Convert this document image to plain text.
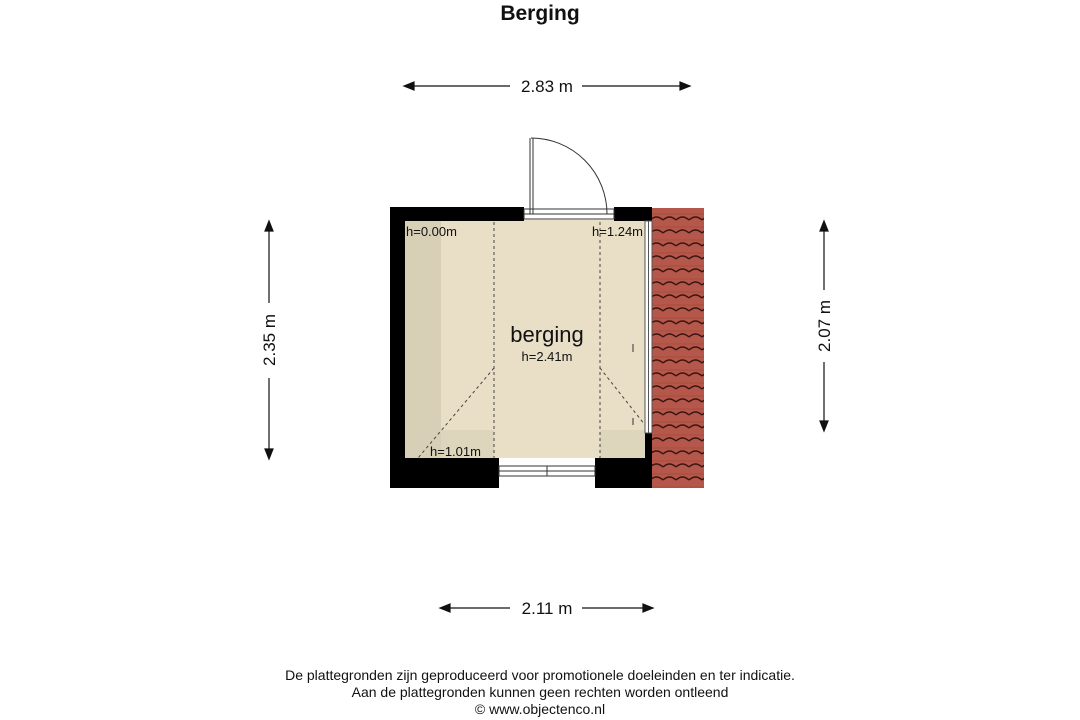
Berging
2.83 m
2.11 m
2.35 m	2.07 m
berging
h=2.41m
h=0.00m	h=1.24m
h=1.01m
De plattegronden zijn geproduceerd voor promotionele doeleinden en ter indicatie.
Aan de plattegronden kunnen geen rechten worden ontleend
© www.objectenco.nl
